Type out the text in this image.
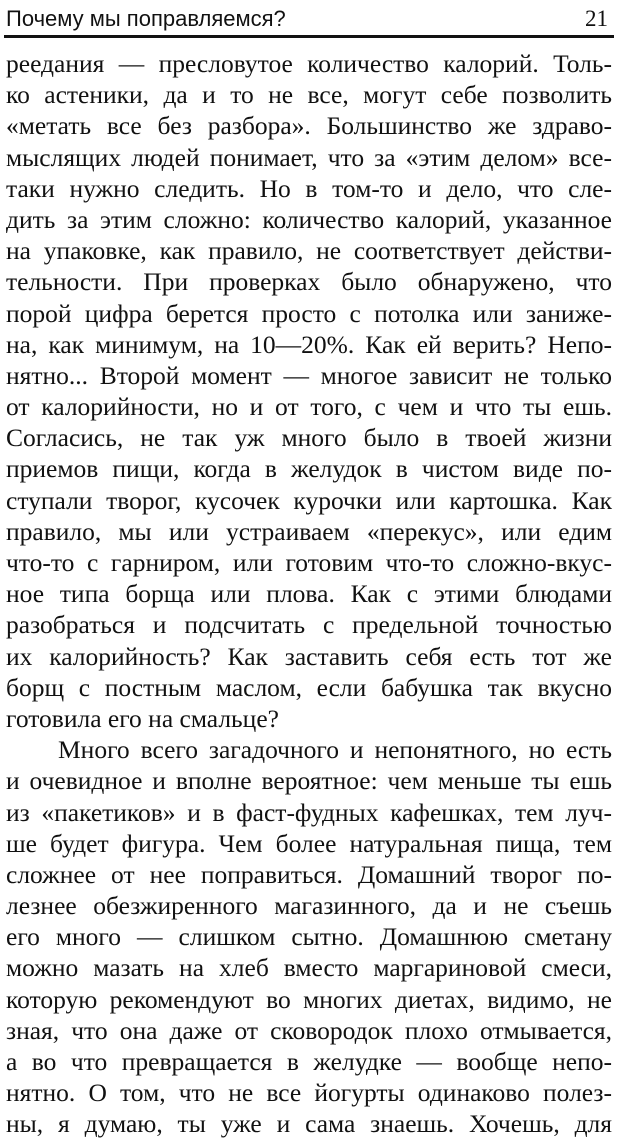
Почему мы поправляемся?	21
реедания — пресловутое количество калорий. Толь-
ко астеники, да и то не все, могут себе позволить
«метать все без разбора». Большинство же здраво-
мыслящих людей понимает, что за «этим делом» все-
таки нужно следить. Но в том-то и дело, что сле-
дить за этим сложно: количество калорий, указанное
на упаковке, как правило, не соответствует действи-
тельности. При проверках было обнаружено, что
порой цифра берется просто с потолка или занижe-
на, как минимум, на 10—20%. Как ей верить? Непо-
нятно... Второй момент — многое зависит не только
от калорийности, но и от того, с чем и что ты ешь.
Согласись, не так уж много было в твоей жизни
приемов пищи, когда в желудок в чистом виде по-
ступали творог, кусочек курочки или картошка. Как
правило, мы или устраиваем «перекус», или едим
что-то с гарниром, или готовим что-то сложно-вкус-
ное типа борща или плова. Как с этими блюдами
разобраться и подсчитать с предельной точностью
их калорийность? Как заставить себя есть тот же
борщ с постным маслом, если бабушка так вкусно
готовила его на смальце?
Много всего загадочного и непонятного, но есть
и очевидное и вполне вероятное: чем меньше ты ешь
из «пакетиков» и в фаст-фудных кафешках, тем луч-
ше будет фигура. Чем более натуральная пища, тем
сложнее от нее поправиться. Домашний творог по-
лезнее обезжиренного магазинного, да и не съешь
его много — слишком сытно. Домашнюю сметану
можно мазать на хлеб вместо маргариновой смеси,
которую рекомендуют во многих диетах, видимо, не
зная, что она даже от сковородок плохо отмывается,
а во что превращается в желудке — вообще непо-
нятно. О том, что не все йогурты одинаково полез-
ны, я думаю, ты уже и сама знаешь. Хочешь, для
